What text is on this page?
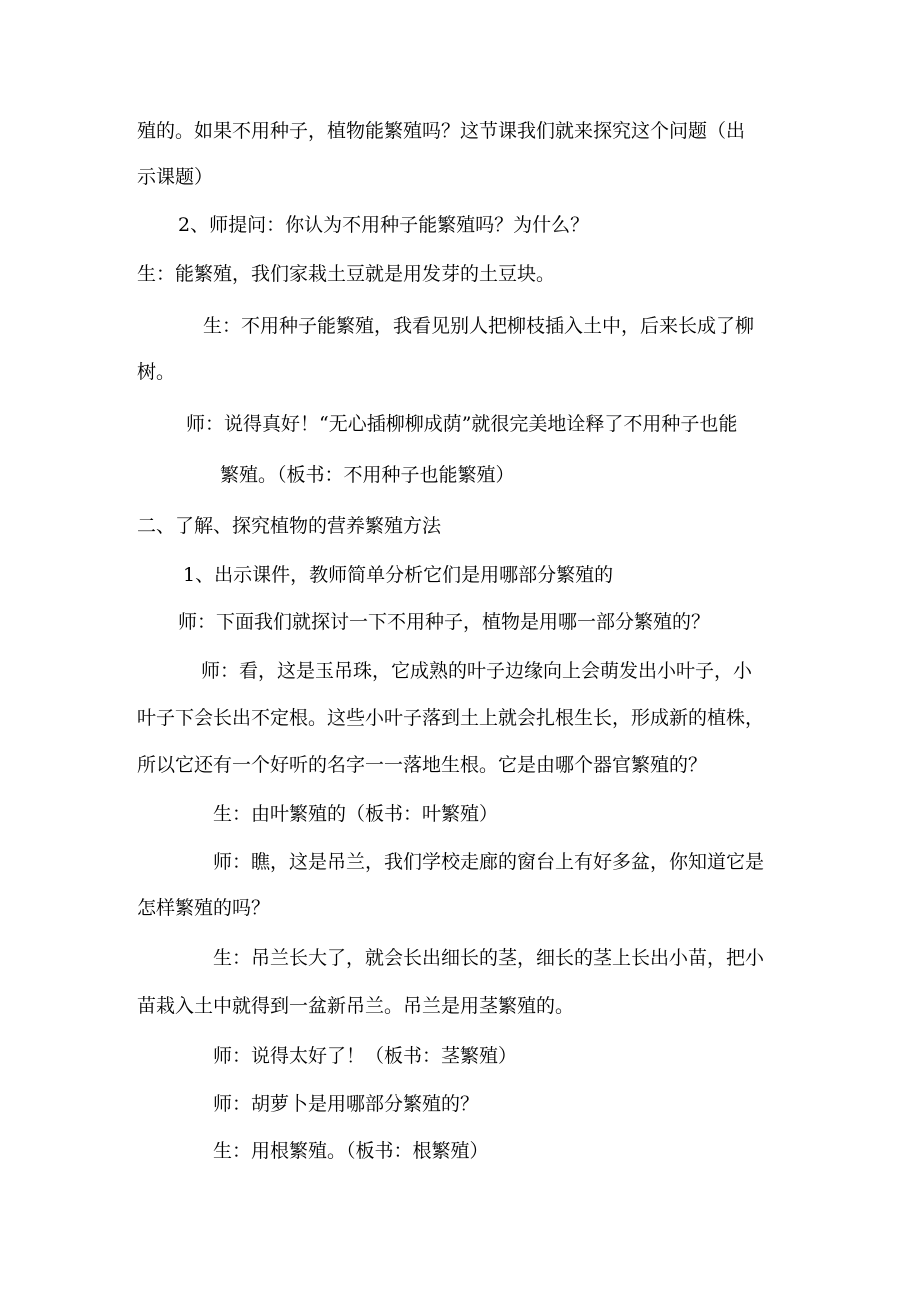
殖的。如果不用种子，植物能繁殖吗？这节课我们就来探究这个问题（出
示课题）
2、师提问：你认为不用种子能繁殖吗？为什么？
生：能繁殖，我们家栽土豆就是用发芽的土豆块。
生：不用种子能繁殖，我看见别人把柳枝插入土中，后来长成了柳
树。
师：说得真好！“无心插柳柳成荫”就很完美地诠释了不用种子也能
繁殖。（板书：不用种子也能繁殖）
二、了解、探究植物的营养繁殖方法
1、出示课件，教师简单分析它们是用哪部分繁殖的
师：下面我们就探讨一下不用种子，植物是用哪一部分繁殖的？
师：看，这是玉吊珠，它成熟的叶子边缘向上会萌发出小叶子，小
叶子下会长出不定根。这些小叶子落到土上就会扎根生长，形成新的植株，
所以它还有一个好听的名字一一落地生根。它是由哪个器官繁殖的？
生：由叶繁殖的（板书：叶繁殖）
师：瞧，这是吊兰，我们学校走廊的窗台上有好多盆，你知道它是
怎样繁殖的吗？
生：吊兰长大了，就会长出细长的茎，细长的茎上长出小苗，把小
苗栽入土中就得到一盆新吊兰。吊兰是用茎繁殖的。
师：说得太好了！（板书：茎繁殖）
师：胡萝卜是用哪部分繁殖的？
生：用根繁殖。（板书：根繁殖）
